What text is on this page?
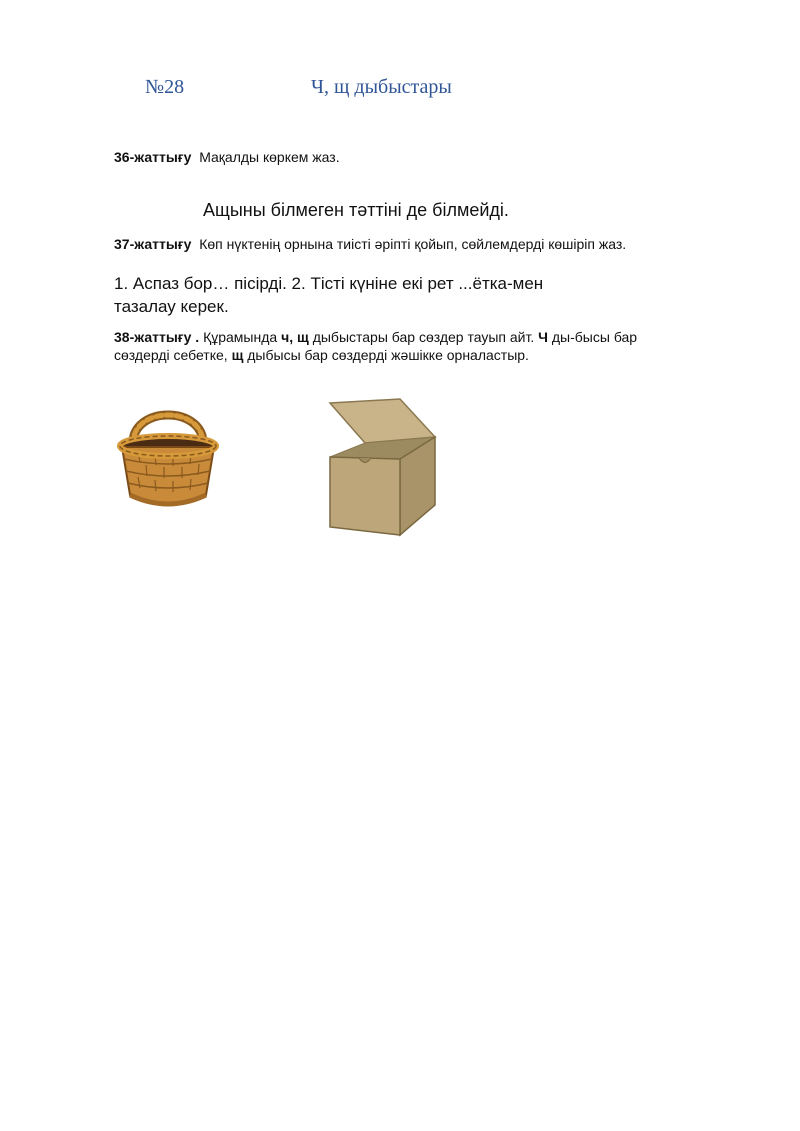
№28	Ч, щ дыбыстары
36-жаттығу Мақалды көркем жаз.
Ащыны білмеген тəттіні де білмейді.
37-жаттығу Көп нүктенің орнына тиісті əріпті қойып, сөйлемдерді көшіріп жаз.
1. Аспаз бор… пісірді. 2. Тісті күніне екі рет ...ётка-мен тазалау керек.
38-жаттығу . Құрамында ч, щ дыбыстары бар сөздер тауып айт. Ч ды-бысы бар сөздерді себетке, щ дыбысы бар сөздерді жəшікке орналастыр.
